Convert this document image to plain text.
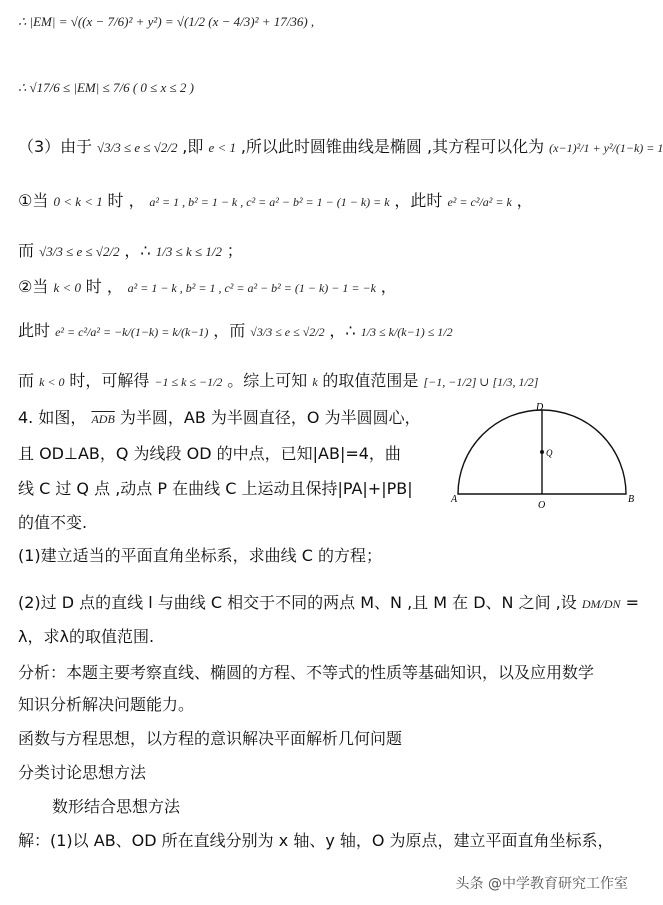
∴ |EM| = √((x − 7/6)² + y²) = √(1/2 (x − 4/3)² + 17/36) ,
∴ √17/6 ≤ |EM| ≤ 7/6 ( 0 ≤ x ≤ 2 )
（3）由于 √3/3 ≤ e ≤ √2/2 ,即 e < 1 ,所以此时圆锥曲线是椭圆 ,其方程可以化为 (x−1)²/1 + y²/(1−k) = 1
①当 0 < k < 1 时 ， a² = 1 , b² = 1 − k , c² = a² − b² = 1 − (1 − k) = k ，此时 e² = c²/a² = k ，
而 √3/3 ≤ e ≤ √2/2 ，∴ 1/3 ≤ k ≤ 1/2 ；
②当 k < 0 时 ， a² = 1 − k , b² = 1 , c² = a² − b² = (1 − k) − 1 = −k ，
此时 e² = c²/a² = −k/(1−k) = k/(k−1) ，而 √3/3 ≤ e ≤ √2/2 ，∴ 1/3 ≤ k/(k−1) ≤ 1/2
而 k < 0 时，可解得 −1 ≤ k ≤ −1/2 。综上可知 k 的取值范围是 [−1, −1/2] ∪ [1/3, 1/2]
4. 如图， $\overline{ADB}$ 为半圆，AB 为半圆直径，O 为半圆圆心，
且 OD⊥AB，Q 为线段 OD 的中点，已知|AB|=4，曲
线 C 过 Q 点 ,动点 P 在曲线 C 上运动且保持|PA|+|PB|
的值不变.
A	B
O
D
Q
(1)建立适当的平面直角坐标系，求曲线 C 的方程；
(2)过 D 点的直线 l 与曲线 C 相交于不同的两点 M、N ,且 M 在 D、N 之间 ,设 DM/DN =
λ，求λ的取值范围.
分析：本题主要考察直线、椭圆的方程、不等式的性质等基础知识，以及应用数学
知识分析解决问题能力。
函数与方程思想，以方程的意识解决平面解析几何问题
分类讨论思想方法
数形结合思想方法
解：(1)以 AB、OD 所在直线分别为 x 轴、y 轴，O 为原点，建立平面直角坐标系，
头条 @中学教育研究工作室
